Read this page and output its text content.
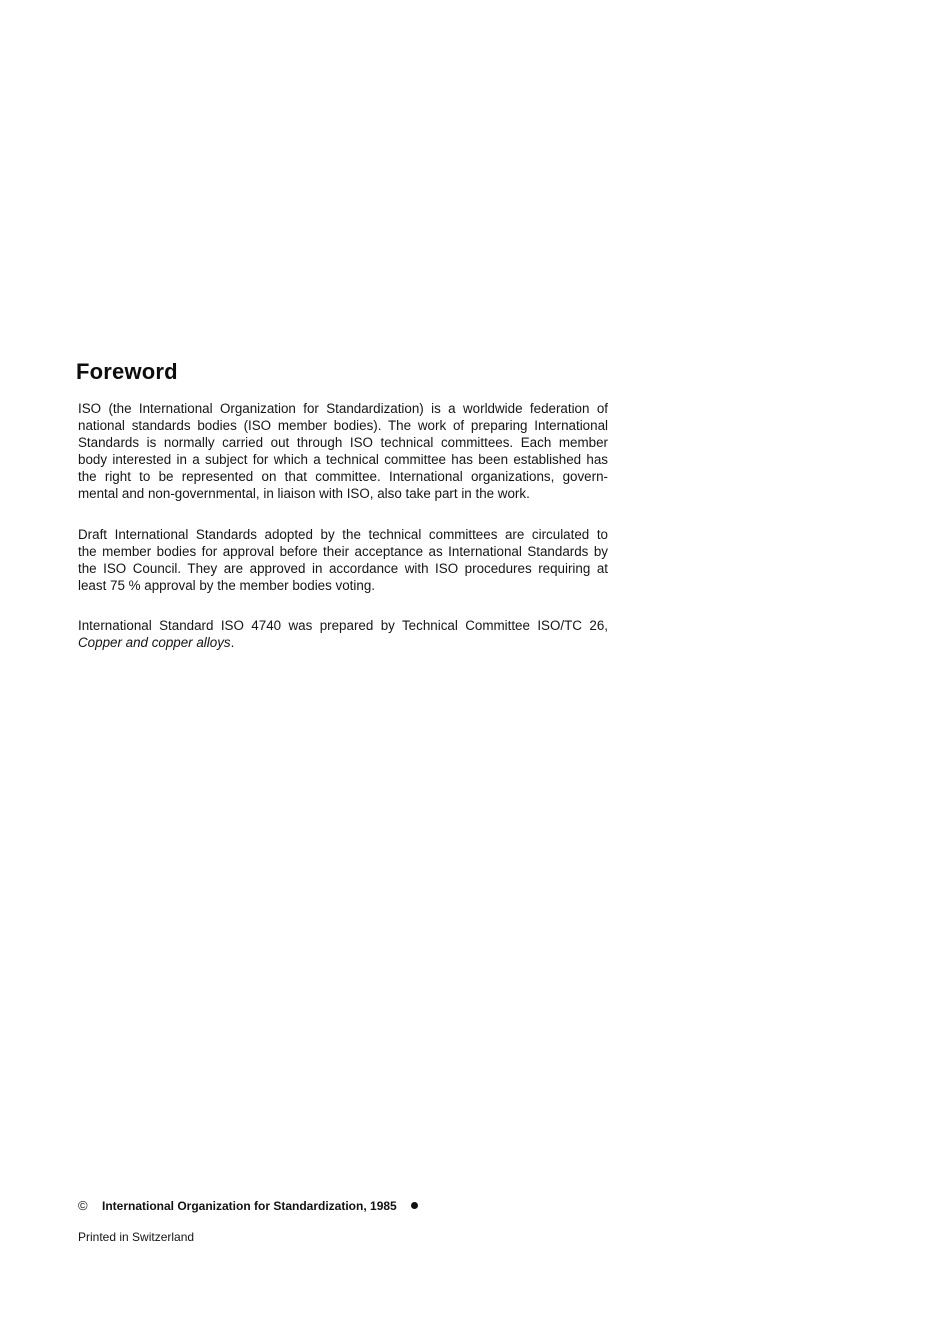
Foreword

ISO (the International Organization for Standardization) is a worldwide federation of
national standards bodies (ISO member bodies). The work of preparing International
Standards is normally carried out through ISO technical committees. Each member
body interested in a subject for which a technical committee has been established has
the right to be represented on that committee. International organizations, govern-
mental and non-governmental, in liaison with ISO, also take part in the work.

Draft International Standards adopted by the technical committees are circulated to
the member bodies for approval before their acceptance as International Standards by
the ISO Council. They are approved in accordance with ISO procedures requiring at
least 75 % approval by the member bodies voting.

International Standard ISO 4740 was prepared by Technical Committee ISO/TC 26,
Copper and copper alloys.

© International Organization for Standardization, 1985
Printed in Switzerland
